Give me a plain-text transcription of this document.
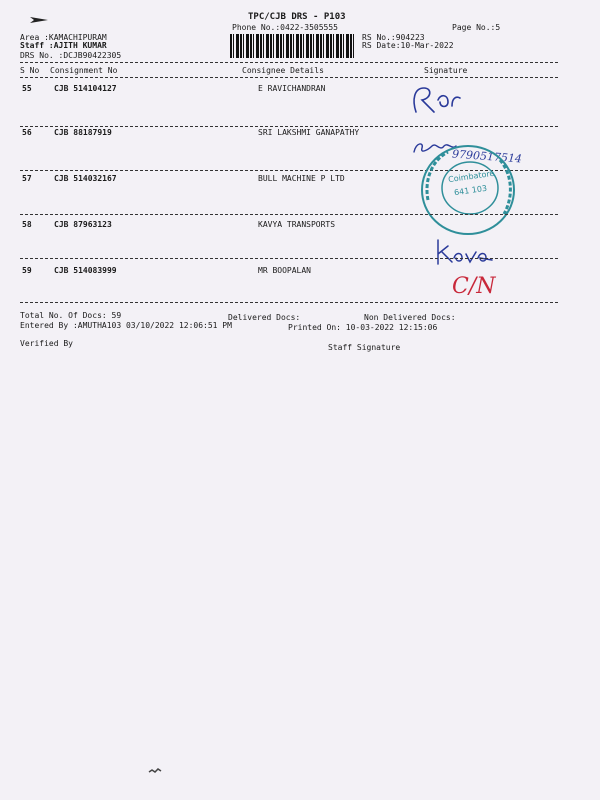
TPC/CJB DRS - P103
Phone No.:0422-3505555	Page No.:5
Area :KAMACHIPURAM
Staff :AJITH KUMAR
DRS No. :DCJB90422305
RS No.:904223
RS Date:10-Mar-2022
S No Consignment No	Consignee Details	Signature
55	CJB 514104127	E RAVICHANDRAN
56	CJB 88187919	SRI LAKSHMI GANAPATHY
9790517514
57	CJB 514032167	BULL MACHINE P LTD	Coimbatore
641 103
58	CJB 87963123	KAVYA TRANSPORTS
59	CJB 514083999	MR BOOPALAN
C/N
Total No. Of Docs: 59	Delivered Docs:	Non Delivered Docs:
Entered By :AMUTHA103 03/10/2022 12:06:51 PM	Printed On: 10-03-2022 12:15:06
Verified By	Staff Signature
